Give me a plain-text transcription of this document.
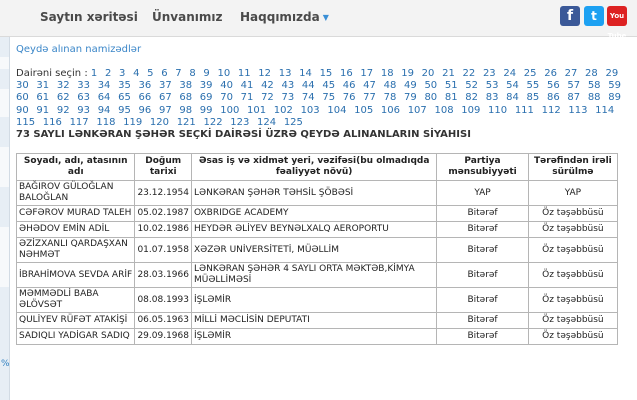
Saytın xəritəsi Ünvanımız Haqqımızda ▼	f	t	You Tube
%
Qeydə alınan namizədlər
Dairəni seçin : 1 2 3 4 5 6 7 8 9 10 11 12 13 14 15 16 17 18 19 20 21 22 23 24 25 26 27 28 29 30 31 32 33 34 35 36 37 38 39 40 41 42 43 44 45 46 47 48 49 50 51 52 53 54 55 56 57 58 59 60 61 62 63 64 65 66 67 68 69 70 71 72 73 74 75 76 77 78 79 80 81 82 83 84 85 86 87 88 89 90 91 92 93 94 95 96 97 98 99 100 101 102 103 104 105 106 107 108 109 110 111 112 113 114 115 116 117 118 119 120 121 122 123 124 125
73 SAYLI LƏNKƏRAN ŞƏHƏR SEÇKİ DAİRƏSİ ÜZRƏ QEYDƏ ALINANLARIN SİYAHISI
Soyadı, adı, atasının adı	Doğum tarixi	Əsas iş və xidmət yeri, vəzifəsi(bu olmadıqda fəaliyyət növü)	Partiya mənsubiyyəti	Tərəfindən irəli sürülmə
BAĞIROV GÜLOĞLAN BALOĞLAN	23.12.1954	LƏNKƏRAN ŞƏHƏR TƏHSİL ŞÖBƏSİ	YAP	YAP
CƏFƏROV MURAD TALEH	05.02.1987	OXBRIDGE ACADEMY	Bitərəf	Öz təşəbbüsü
ƏHƏDOV EMİN ADİL	10.02.1986	HEYDƏR ƏLİYEV BEYNƏLXALQ AEROPORTU	Bitərəf	Öz təşəbbüsü
ƏZİZXANLI QARDAŞXAN NƏHMƏT	01.07.1958	XƏZƏR UNİVERSİTETİ, MÜƏLLİM	Bitərəf	Öz təşəbbüsü
İBRAHİMOVA SEVDA ARİF	28.03.1966	LƏNKƏRAN ŞƏHƏR 4 SAYLI ORTA MƏKTƏB,KİMYA MÜƏLLİMƏSİ	Bitərəf	Öz təşəbbüsü
MƏMMƏDLİ BABA ƏLÖVSƏT	08.08.1993	İŞLƏMİR	Bitərəf	Öz təşəbbüsü
QULİYEV RÜFƏT ATAKİŞİ	06.05.1963	MİLLİ MƏCLİSİN DEPUTATI	Bitərəf	Öz təşəbbüsü
SADIQLI YADİGAR SADIQ	29.09.1968	İŞLƏMİR	Bitərəf	Öz təşəbbüsü
